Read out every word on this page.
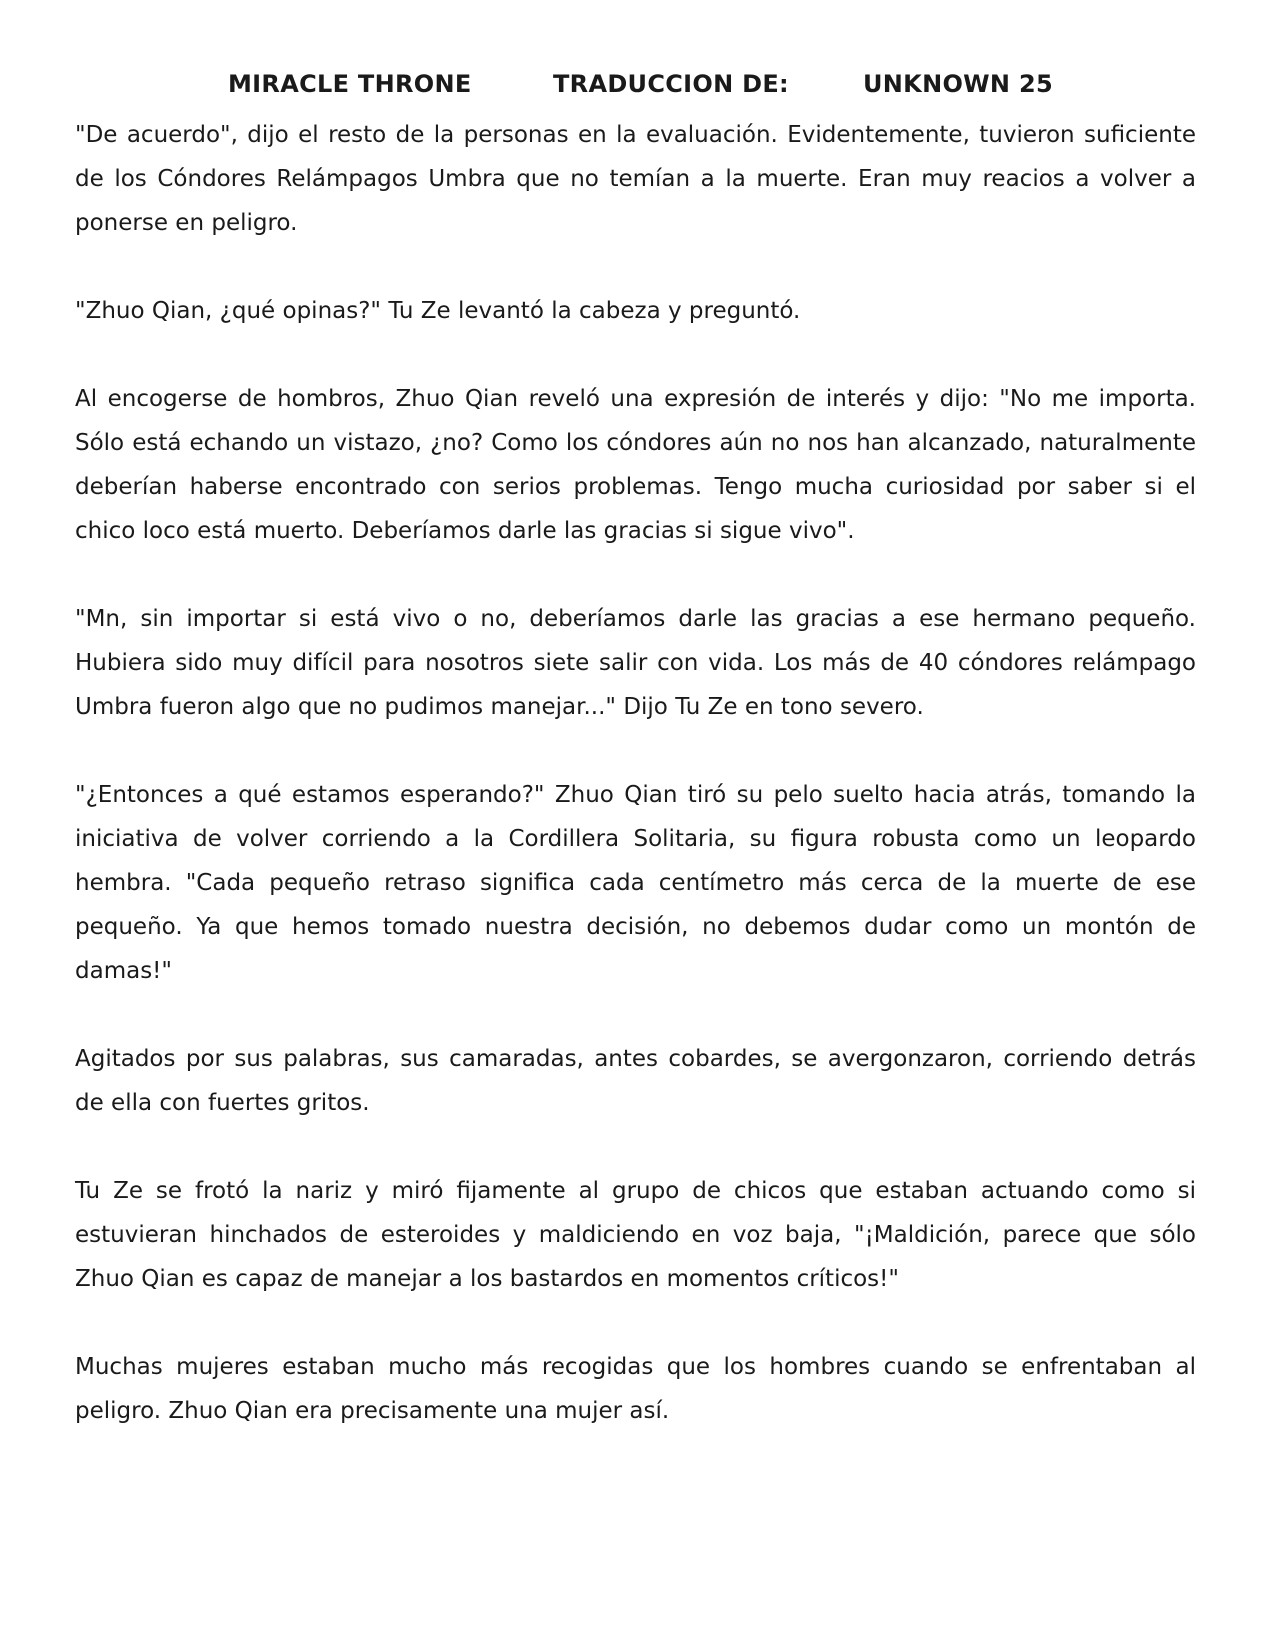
MIRACLE THRONE	TRADUCCION DE:	UNKNOWN 25

"De acuerdo", dijo el resto de la personas en la evaluación. Evidentemente, tuvieron suficiente de los Cóndores Relámpagos Umbra que no temían a la muerte. Eran muy reacios a volver a ponerse en peligro.

"Zhuo Qian, ¿qué opinas?" Tu Ze levantó la cabeza y preguntó.

Al encogerse de hombros, Zhuo Qian reveló una expresión de interés y dijo: "No me importa. Sólo está echando un vistazo, ¿no? Como los cóndores aún no nos han alcanzado, naturalmente deberían haberse encontrado con serios problemas. Tengo mucha curiosidad por saber si el chico loco está muerto. Deberíamos darle las gracias si sigue vivo".

"Mn, sin importar si está vivo o no, deberíamos darle las gracias a ese hermano pequeño. Hubiera sido muy difícil para nosotros siete salir con vida. Los más de 40 cóndores relámpago Umbra fueron algo que no pudimos manejar..." Dijo Tu Ze en tono severo.

"¿Entonces a qué estamos esperando?" Zhuo Qian tiró su pelo suelto hacia atrás, tomando la iniciativa de volver corriendo a la Cordillera Solitaria, su figura robusta como un leopardo hembra. "Cada pequeño retraso significa cada centímetro más cerca de la muerte de ese pequeño. Ya que hemos tomado nuestra decisión, no debemos dudar como un montón de damas!"

Agitados por sus palabras, sus camaradas, antes cobardes, se avergonzaron, corriendo detrás de ella con fuertes gritos.

Tu Ze se frotó la nariz y miró fijamente al grupo de chicos que estaban actuando como si estuvieran hinchados de esteroides y maldiciendo en voz baja, "¡Maldición, parece que sólo Zhuo Qian es capaz de manejar a los bastardos en momentos críticos!"

Muchas mujeres estaban mucho más recogidas que los hombres cuando se enfrentaban al peligro. Zhuo Qian era precisamente una mujer así.
